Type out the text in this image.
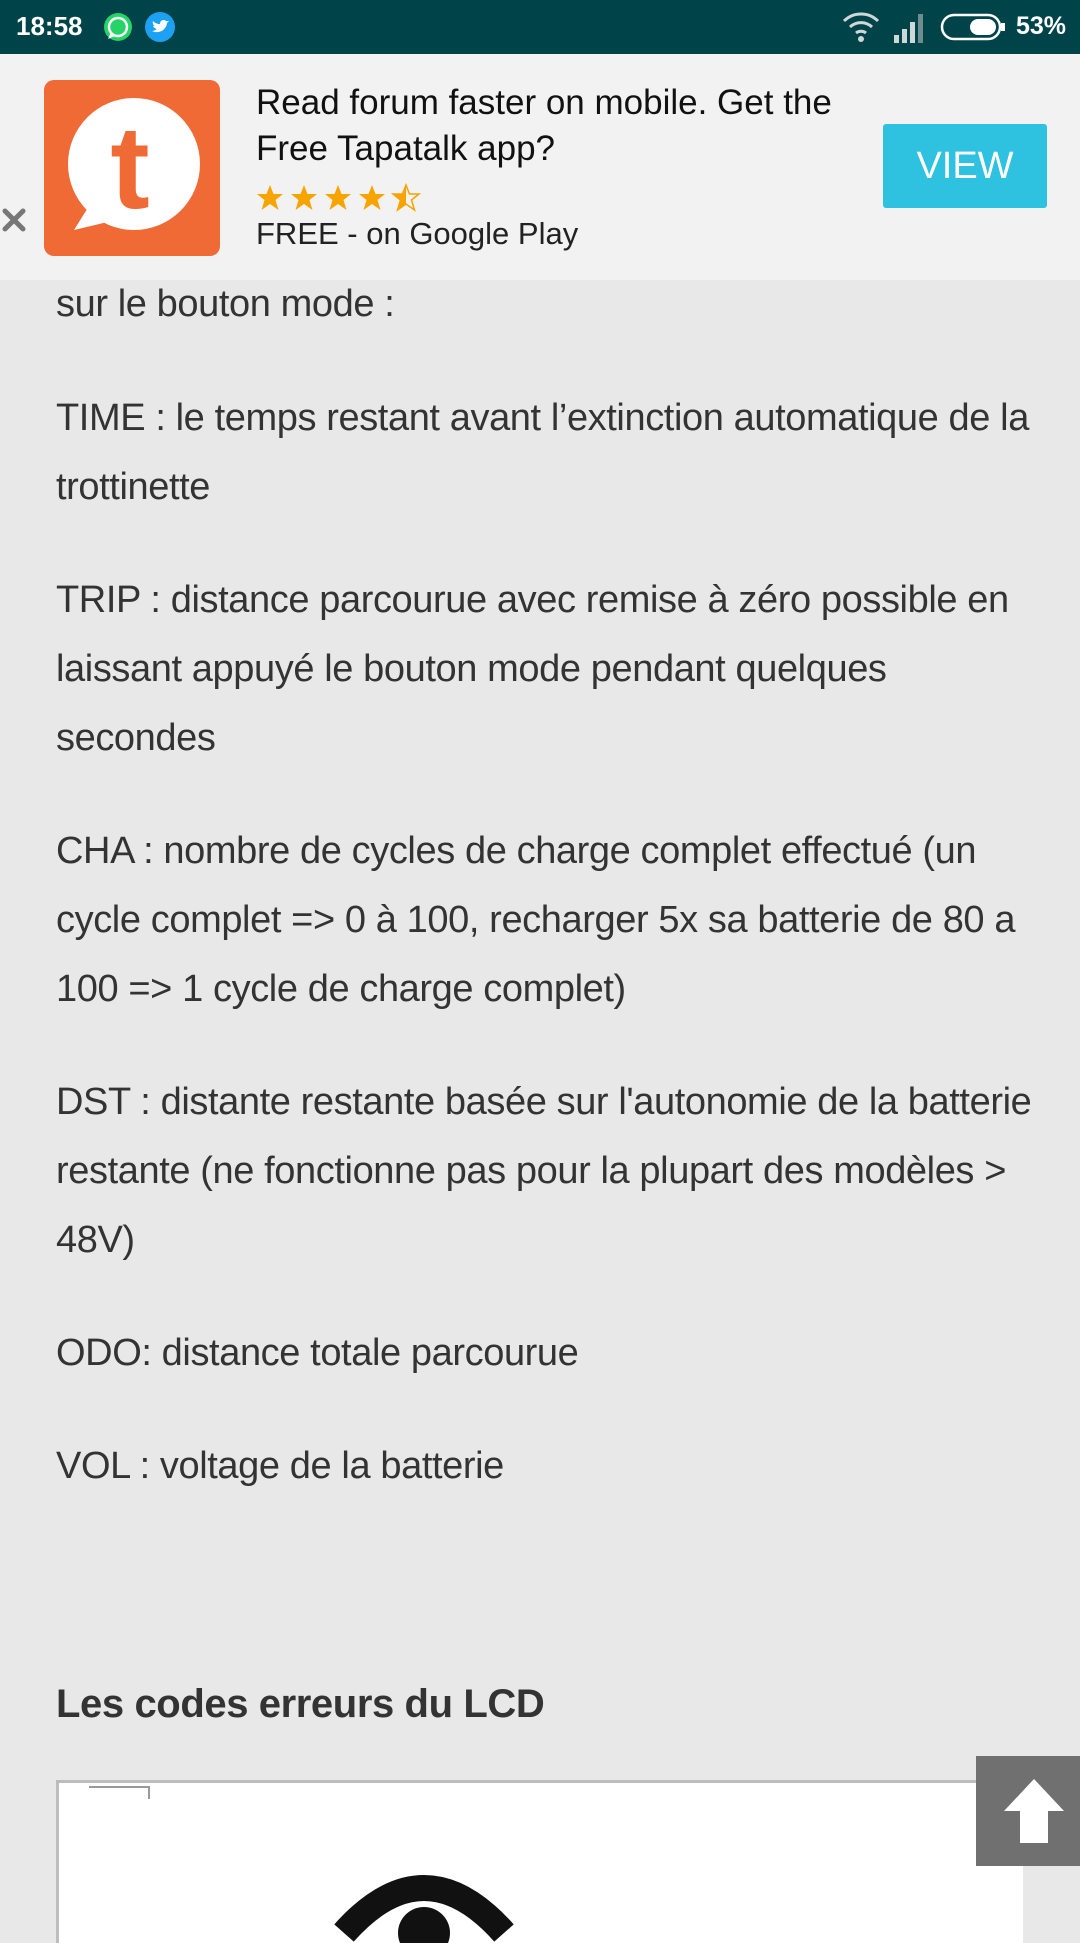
18:58	53%
t	Read forum faster on mobile. Get the Free Tapatalk app?
FREE - on Google Play
VIEW

sur le bouton mode :

TIME : le temps restant avant l’extinction automatique de la trottinette

TRIP : distance parcourue avec remise à zéro possible en laissant appuyé le bouton mode pendant quelques secondes

CHA : nombre de cycles de charge complet effectué (un cycle complet => 0 à 100, recharger 5x sa batterie de 80 a 100 => 1 cycle de charge complet)

DST : distante restante basée sur l'autonomie de la batterie restante (ne fonctionne pas pour la plupart des modèles > 48V)

ODO: distance totale parcourue

VOL : voltage de la batterie

Les codes erreurs du LCD
